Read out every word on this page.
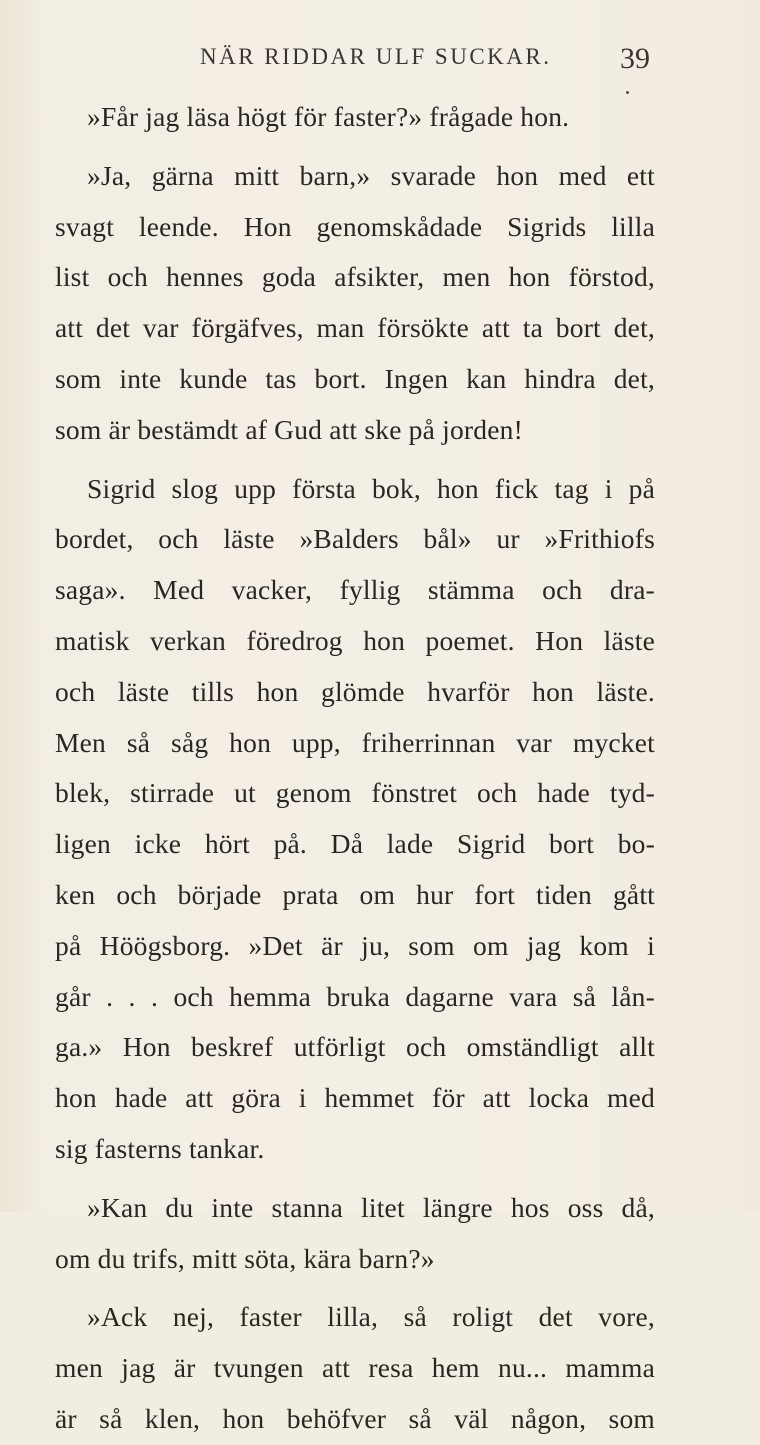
NÄR RIDDAR ULF SUCKAR. 39
»Får jag läsa högt för faster?» frågade hon.
»Ja, gärna mitt barn,» svarade hon med ett
svagt leende. Hon genomskådade Sigrids lilla
list och hennes goda afsikter, men hon förstod,
att det var förgäfves, man försökte att ta bort det,
som inte kunde tas bort. Ingen kan hindra det,
som är bestämdt af Gud att ske på jorden!
Sigrid slog upp första bok, hon fick tag i på
bordet, och läste »Balders bål» ur »Frithiofs
saga». Med vacker, fyllig stämma och dra-
matisk verkan föredrog hon poemet. Hon läste
och läste tills hon glömde hvarför hon läste.
Men så såg hon upp, friherrinnan var mycket
blek, stirrade ut genom fönstret och hade tyd-
ligen icke hört på. Då lade Sigrid bort bo-
ken och började prata om hur fort tiden gått
på Höögsborg. »Det är ju, som om jag kom i
går . . . och hemma bruka dagarne vara så lån-
ga.» Hon beskref utförligt och omständligt allt
hon hade att göra i hemmet för att locka med
sig fasterns tankar.
»Kan du inte stanna litet längre hos oss då,
om du trifs, mitt söta, kära barn?»
»Ack nej, faster lilla, så roligt det vore,
men jag är tvungen att resa hem nu... mamma
är så klen, hon behöfver så väl någon, som
